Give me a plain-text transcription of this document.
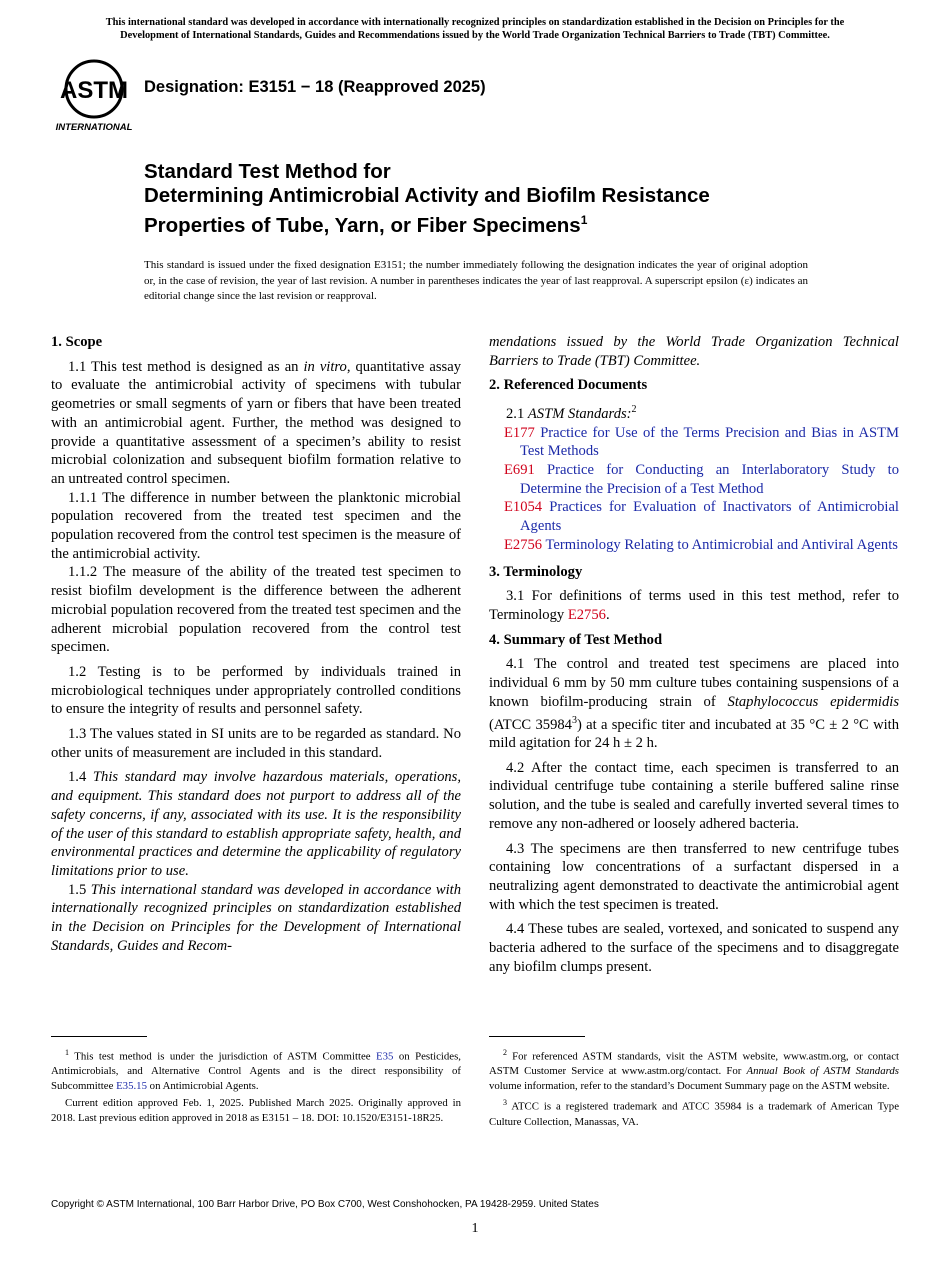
This international standard was developed in accordance with internationally recognized principles on standardization established in the Decision on Principles for the
Development of International Standards, Guides and Recommendations issued by the World Trade Organization Technical Barriers to Trade (TBT) Committee.
ASTM
INTERNATIONAL
Designation: E3151 − 18 (Reapproved 2025)
Standard Test Method for
Determining Antimicrobial Activity and Biofilm Resistance
Properties of Tube, Yarn, or Fiber Specimens$^1$
This standard is issued under the fixed designation E3151; the number immediately following the designation indicates the year of original adoption or, in the case of revision, the year of last revision. A number in parentheses indicates the year of last reapproval. A superscript epsilon (ε) indicates an editorial change since the last revision or reapproval.
1. Scope

1.1 This test method is designed as an in vitro, quantitative assay to evaluate the antimicrobial activity of specimens with tubular geometries or small segments of yarn or fibers that have been treated with an antimicrobial agent. Further, the method was designed to provide a quantitative assessment of a specimen’s ability to resist microbial colonization and subsequent biofilm formation relative to an untreated control specimen.

1.1.1 The difference in number between the planktonic microbial population recovered from the treated test specimen and the population recovered from the control test specimen is the measure of the antimicrobial activity.

1.1.2 The measure of the ability of the treated test specimen to resist biofilm development is the difference between the adherent microbial population recovered from the treated test specimen and the adherent microbial population recovered from the control test specimen.

1.2 Testing is to be performed by individuals trained in microbiological techniques under appropriately controlled conditions to ensure the integrity of results and personnel safety.

1.3 The values stated in SI units are to be regarded as standard. No other units of measurement are included in this standard.

1.4 This standard may involve hazardous materials, operations, and equipment. This standard does not purport to address all of the safety concerns, if any, associated with its use. It is the responsibility of the user of this standard to establish appropriate safety, health, and environmental practices and determine the applicability of regulatory limitations prior to use.

1.5 This international standard was developed in accordance with internationally recognized principles on standardization established in the Decision on Principles for the Development of International Standards, Guides and Recom-

mendations issued by the World Trade Organization Technical Barriers to Trade (TBT) Committee.

2. Referenced Documents

2.1 ASTM Standards:$^2$

E177 Practice for Use of the Terms Precision and Bias in ASTM Test Methods
E691 Practice for Conducting an Interlaboratory Study to Determine the Precision of a Test Method
E1054 Practices for Evaluation of Inactivators of Antimicrobial Agents
E2756 Terminology Relating to Antimicrobial and Antiviral Agents
3. Terminology

3.1 For definitions of terms used in this test method, refer to Terminology E2756.

4. Summary of Test Method

4.1 The control and treated test specimens are placed into individual 6 mm by 50 mm culture tubes containing suspensions of a known biofilm-producing strain of Staphylococcus epidermidis (ATCC 35984$^3$) at a specific titer and incubated at 35 °C ± 2 °C with mild agitation for 24 h ± 2 h.

4.2 After the contact time, each specimen is transferred to an individual centrifuge tube containing a sterile buffered saline rinse solution, and the tube is sealed and carefully inverted several times to remove any non-adhered or loosely adhered bacteria.

4.3 The specimens are then transferred to new centrifuge tubes containing low concentrations of a surfactant dispersed in a neutralizing agent demonstrated to deactivate the antimicrobial agent with which the test specimen is treated.

4.4 These tubes are sealed, vortexed, and sonicated to suspend any bacteria adhered to the surface of the specimens and to disaggregate any biofilm clumps present.

$^1$ This test method is under the jurisdiction of ASTM Committee E35 on Pesticides, Antimicrobials, and Alternative Control Agents and is the direct responsibility of Subcommittee E35.15 on Antimicrobial Agents.

Current edition approved Feb. 1, 2025. Published March 2025. Originally approved in 2018. Last previous edition approved in 2018 as E3151 – 18. DOI: 10.1520/E3151-18R25.

$^2$ For referenced ASTM standards, visit the ASTM website, www.astm.org, or contact ASTM Customer Service at www.astm.org/contact. For Annual Book of ASTM Standards volume information, refer to the standard’s Document Summary page on the ASTM website.

$^3$ ATCC is a registered trademark and ATCC 35984 is a trademark of American Type Culture Collection, Manassas, VA.

Copyright © ASTM International, 100 Barr Harbor Drive, PO Box C700, West Conshohocken, PA 19428-2959. United States
1
